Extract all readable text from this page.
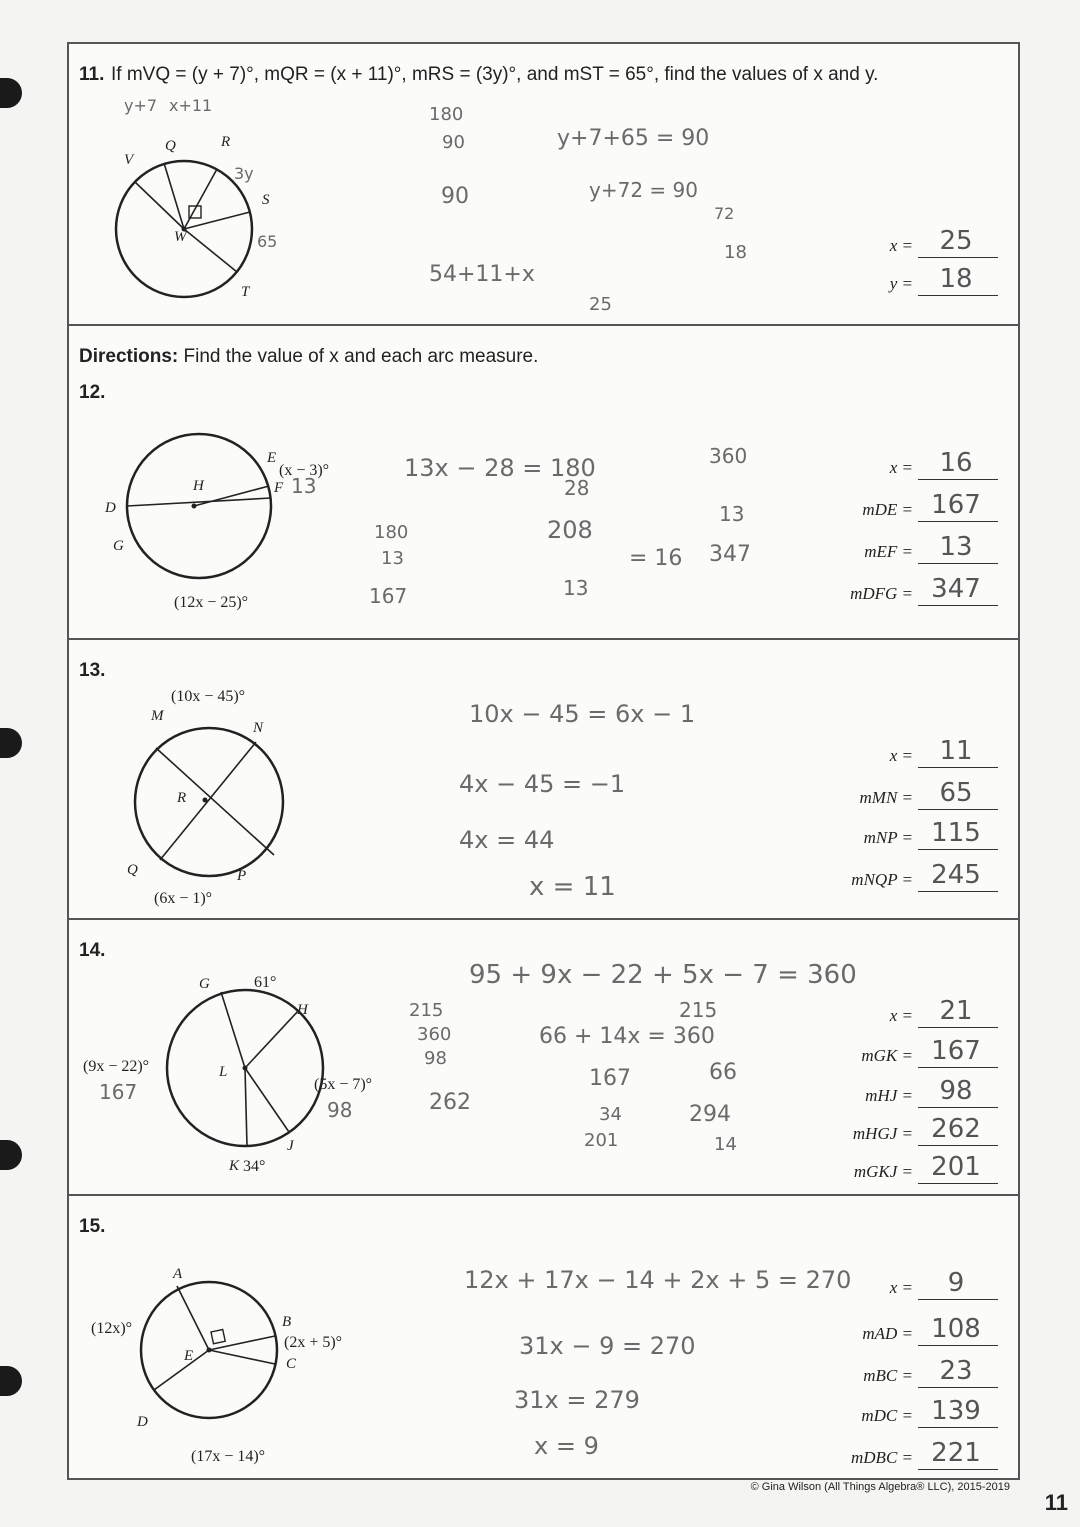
11. If mVQ = (y + 7)°, mQR = (x + 11)°, mRS = (3y)°, and mST = 65°, find the values of x and y.
V
Q	R
S
T
W
y+7 x+11
3y
65
180
90
90
y+7+65 = 90
y+72 = 90
72
18
54+11+x
25
x =	25
y =	18
Directions: Find the value of x and each arc measure.
12.
D
E
F
G
H
(x − 3)°
(12x − 25)°
13
13x − 28 = 180
28
208
= 16
13
180
13
167
360
13
347
x =	16
mDE = 167
mEF =	13
mDFG = 347
13.
M
N
P
Q
R
(10x − 45)°
(6x − 1)°
10x − 45 = 6x − 1
4x − 45 = −1
4x = 44
x = 11
x =	11
mMN =	65
mNP = 115
mNQP = 245
14.
G
H
J
K
L
61°
34°
(9x − 22)°
(5x − 7)°
167
98
95 + 9x − 22 + 5x − 7 = 360
215
360
98
262
215
66 + 14x = 360
167	66
34	294
201	14
x =	21
mGK = 167
mHJ =	98
mHGJ = 262
mGKJ = 201
15.
A
B
C
D
E
(12x)°
(2x + 5)°
(17x − 14)°
12x + 17x − 14 + 2x + 5 = 270
31x − 9 = 270
31x = 279
x = 9
x =	9
mAD = 108
mBC =	23
mDC = 139
mDBC = 221
© Gina Wilson (All Things Algebra® LLC), 2015-2019
11
